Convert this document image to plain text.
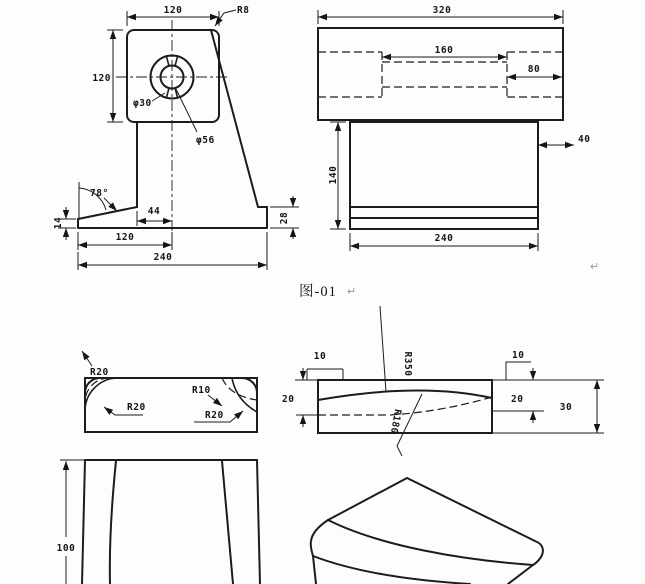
120	R8
120
φ30
φ56
78°
44
14
120
240
28
320
160
80
140
40
240
图-01 ↵
↵
R20
R20
R10
R20
R350
R180
10	10
20	20
30
100
